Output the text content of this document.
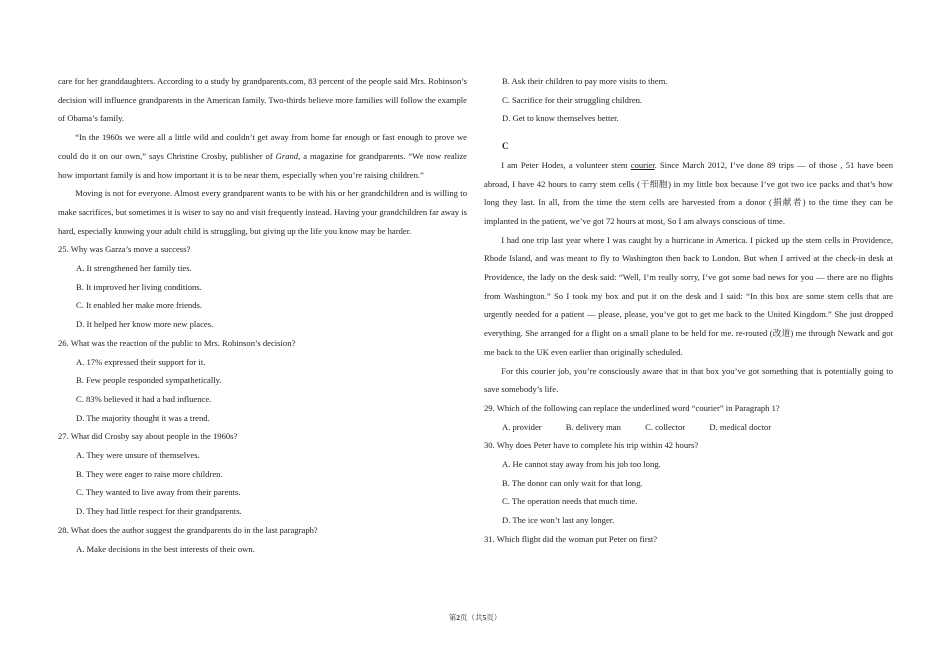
care for her granddaughters. According to a study by grandparents.com, 83 percent of the people said Mrs. Robinson’s decision will influence grandparents in the American family. Two-thirds believe more families will follow the example of Obama’s family.

“In the 1960s we were all a little wild and couldn’t get away from home far enough or fast enough to prove we could do it on our own,” says Christine Crosby, publisher of Grand, a magazine for grandparents. “We now realize how important family is and how important it is to be near them, especially when you’re raising children.”

Moving is not for everyone. Almost every grandparent wants to be with his or her grandchildren and is willing to make sacrifices, but sometimes it is wiser to say no and visit frequently instead. Having your grandchildren far away is hard, especially knowing your adult child is struggling, but giving up the life you know may be harder.

25. Why was Garza’s move a success?

A. It strengthened her family ties.

B. It improved her living conditions.

C. It enabled her make more friends.

D. It helped her know more new places.

26. What was the reaction of the public to Mrs. Robinson’s decision?

A. 17% expressed their support for it.

B. Few people responded sympathetically.

C. 83% believed it had a bad influence.

D. The majority thought it was a trend.

27. What did Crosby say about people in the 1960s?

A. They were unsure of themselves.

B. They were eager to raise more children.

C. They wanted to live away from their parents.

D. They had little respect for their grandparents.

28. What does the author suggest the grandparents do in the last paragraph?

A. Make decisions in the best interests of their own.

B. Ask their children to pay more visits to them.

C. Sacrifice for their struggling children.

D. Get to know themselves better.

C

I am Peter Hodes, a volunteer stem courier. Since March 2012, I’ve done 89 trips — of those , 51 have been abroad, I have 42 hours to carry stem cells (干细胞) in my little box because I’ve got two ice packs and that’s how long they last. In all, from the time the stem cells are harvested from a donor (捐献者) to the time they can be implanted in the patient, we’ve got 72 hours at most, So I am always conscious of time.

I had one trip last year where I was caught by a hurricane in America. I picked up the stem cells in Providence, Rhode Island, and was meant to fly to Washington then back to London. But when I arrived at the check-in desk at Providence, the lady on the desk said: “Well, I’m really sorry, I’ve got some bad news for you — there are no flights from Washington.” So I took my box and put it on the desk and I said: “In this box are some stem cells that are urgently needed for a patient — please, please, you’ve got to get me back to the United Kingdom.” She just dropped everything. She arranged for a flight on a small plane to be held for me. re-routed (改道) me through Newark and got me back to the UK even earlier than originally scheduled.

For this courier job, you’re consciously aware that in that box you’ve got something that is potentially going to save somebody’s life.

29. Which of the following can replace the underlined word “courier” in Paragraph 1?

A. provider	B. delivery man	C. collector	D. medical doctor

30. Why does Peter have to complete his trip within 42 hours?

A. He cannot stay away from his job too long.

B. The donor can only wait for that long.

C. The operation needs that much time.

D. The ice won’t last any longer.

31. Which flight did the woman put Peter on first?

第2页（共5页）
